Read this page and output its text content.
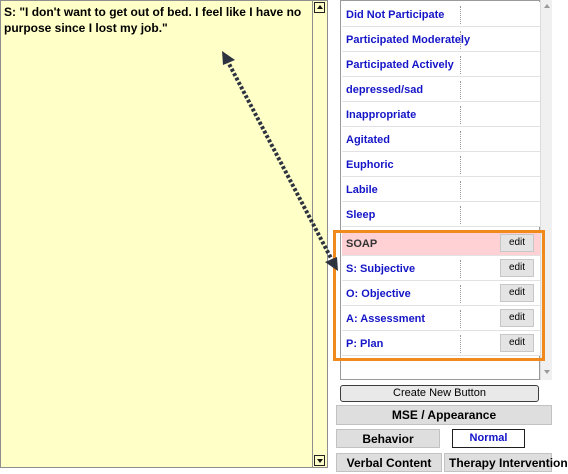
S: "I don't want to get out of bed. I feel like I have no purpose since I lost my job."
Did Not Participate
Participated Moderately
Participated Actively
depressed/sad
Inappropriate
Agitated
Euphoric
Labile
Sleep
SOAP	edit
S: Subjective	edit
O: Objective	edit
A: Assessment	edit
P: Plan	edit
Create New Button
MSE / Appearance
Behavior	Normal
Verbal Content	Therapy Intervention
